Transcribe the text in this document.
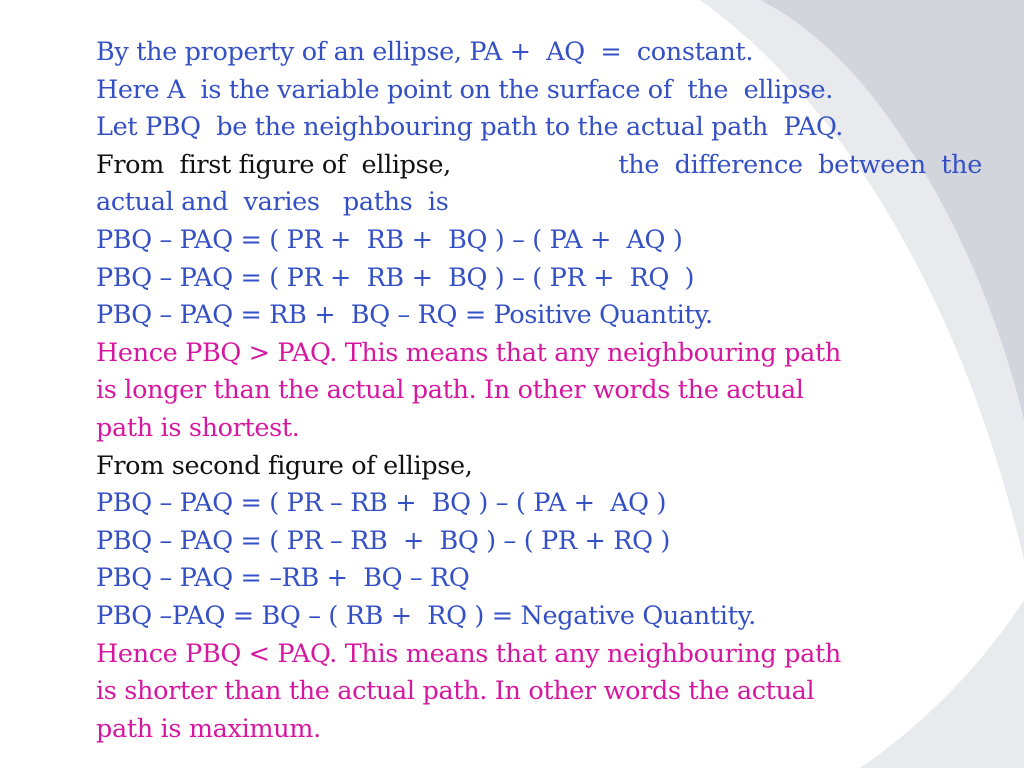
By the property of an ellipse, PA +  AQ  =  constant.
Here A  is the variable point on the surface of  the  ellipse.
Let PBQ  be the neighbouring path to the actual path  PAQ.
From  first figure of  ellipse,	the  difference  between  the
actual and  varies   paths  is
PBQ – PAQ = ( PR +  RB +  BQ ) – ( PA +  AQ )
PBQ – PAQ = ( PR +  RB +  BQ ) – ( PR +  RQ  )
PBQ – PAQ = RB +  BQ – RQ = Positive Quantity.
Hence PBQ > PAQ. This means that any neighbouring path
is longer than the actual path. In other words the actual
path is shortest.
From second figure of ellipse,
PBQ – PAQ = ( PR – RB +  BQ ) – ( PA +  AQ )
PBQ – PAQ = ( PR – RB  +  BQ ) – ( PR + RQ )
PBQ – PAQ = –RB +  BQ – RQ
PBQ –PAQ = BQ – ( RB +  RQ ) = Negative Quantity.
Hence PBQ < PAQ. This means that any neighbouring path
is shorter than the actual path. In other words the actual
path is maximum.
